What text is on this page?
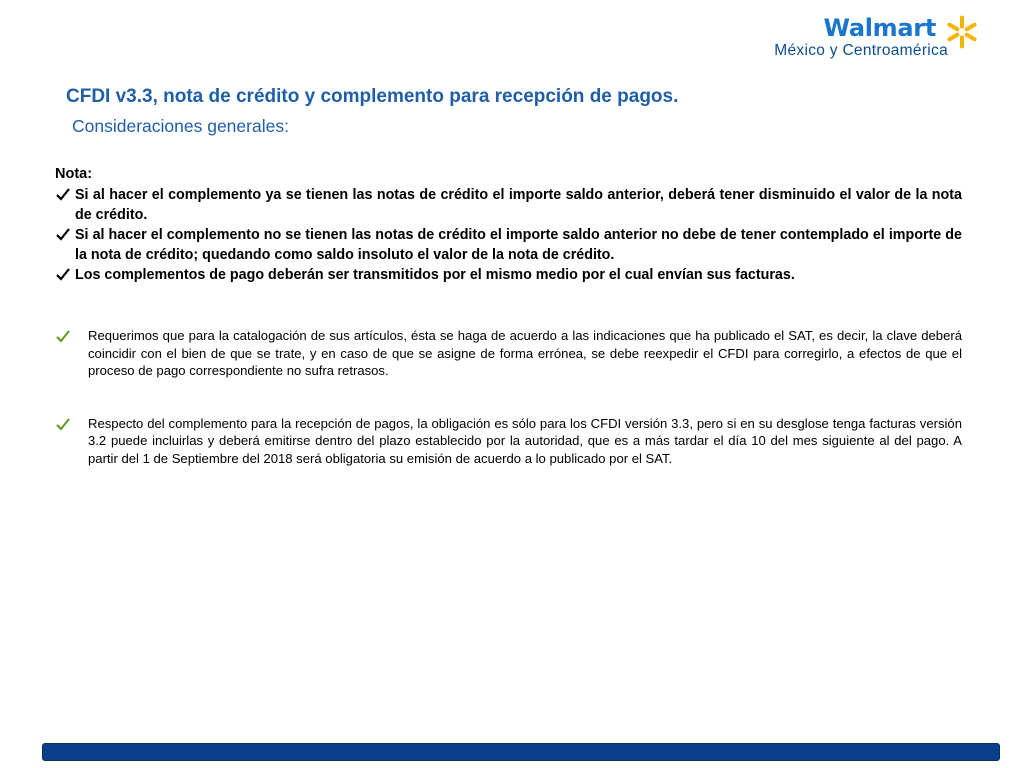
Walmart
México y Centroamérica
CFDI v3.3, nota de crédito y complemento para recepción de pagos.
Consideraciones generales:
Nota:
Si al hacer el complemento ya se tienen las notas de crédito el importe saldo anterior, deberá tener disminuido el valor de la nota de crédito.
Si al hacer el complemento no se tienen las notas de crédito el importe saldo anterior no debe de tener contemplado el importe de la nota de crédito; quedando como saldo insoluto el valor de la nota de crédito.
Los complementos de pago deberán ser transmitidos por el mismo medio por el cual envían sus facturas.
Requerimos que para la catalogación de sus artículos, ésta se haga de acuerdo a las indicaciones que ha publicado el SAT, es decir, la clave deberá coincidir con el bien de que se trate, y en caso de que se asigne de forma errónea, se debe reexpedir el CFDI para corregirlo, a efectos de que el proceso de pago correspondiente no sufra retrasos.
Respecto del complemento para la recepción de pagos, la obligación es sólo para los CFDI versión 3.3, pero si en su desglose tenga facturas versión 3.2 puede incluirlas y deberá emitirse dentro del plazo establecido por la autoridad, que es a más tardar el día 10 del mes siguiente al del pago. A partir del 1 de Septiembre del 2018 será obligatoria su emisión de acuerdo a lo publicado por el SAT.
